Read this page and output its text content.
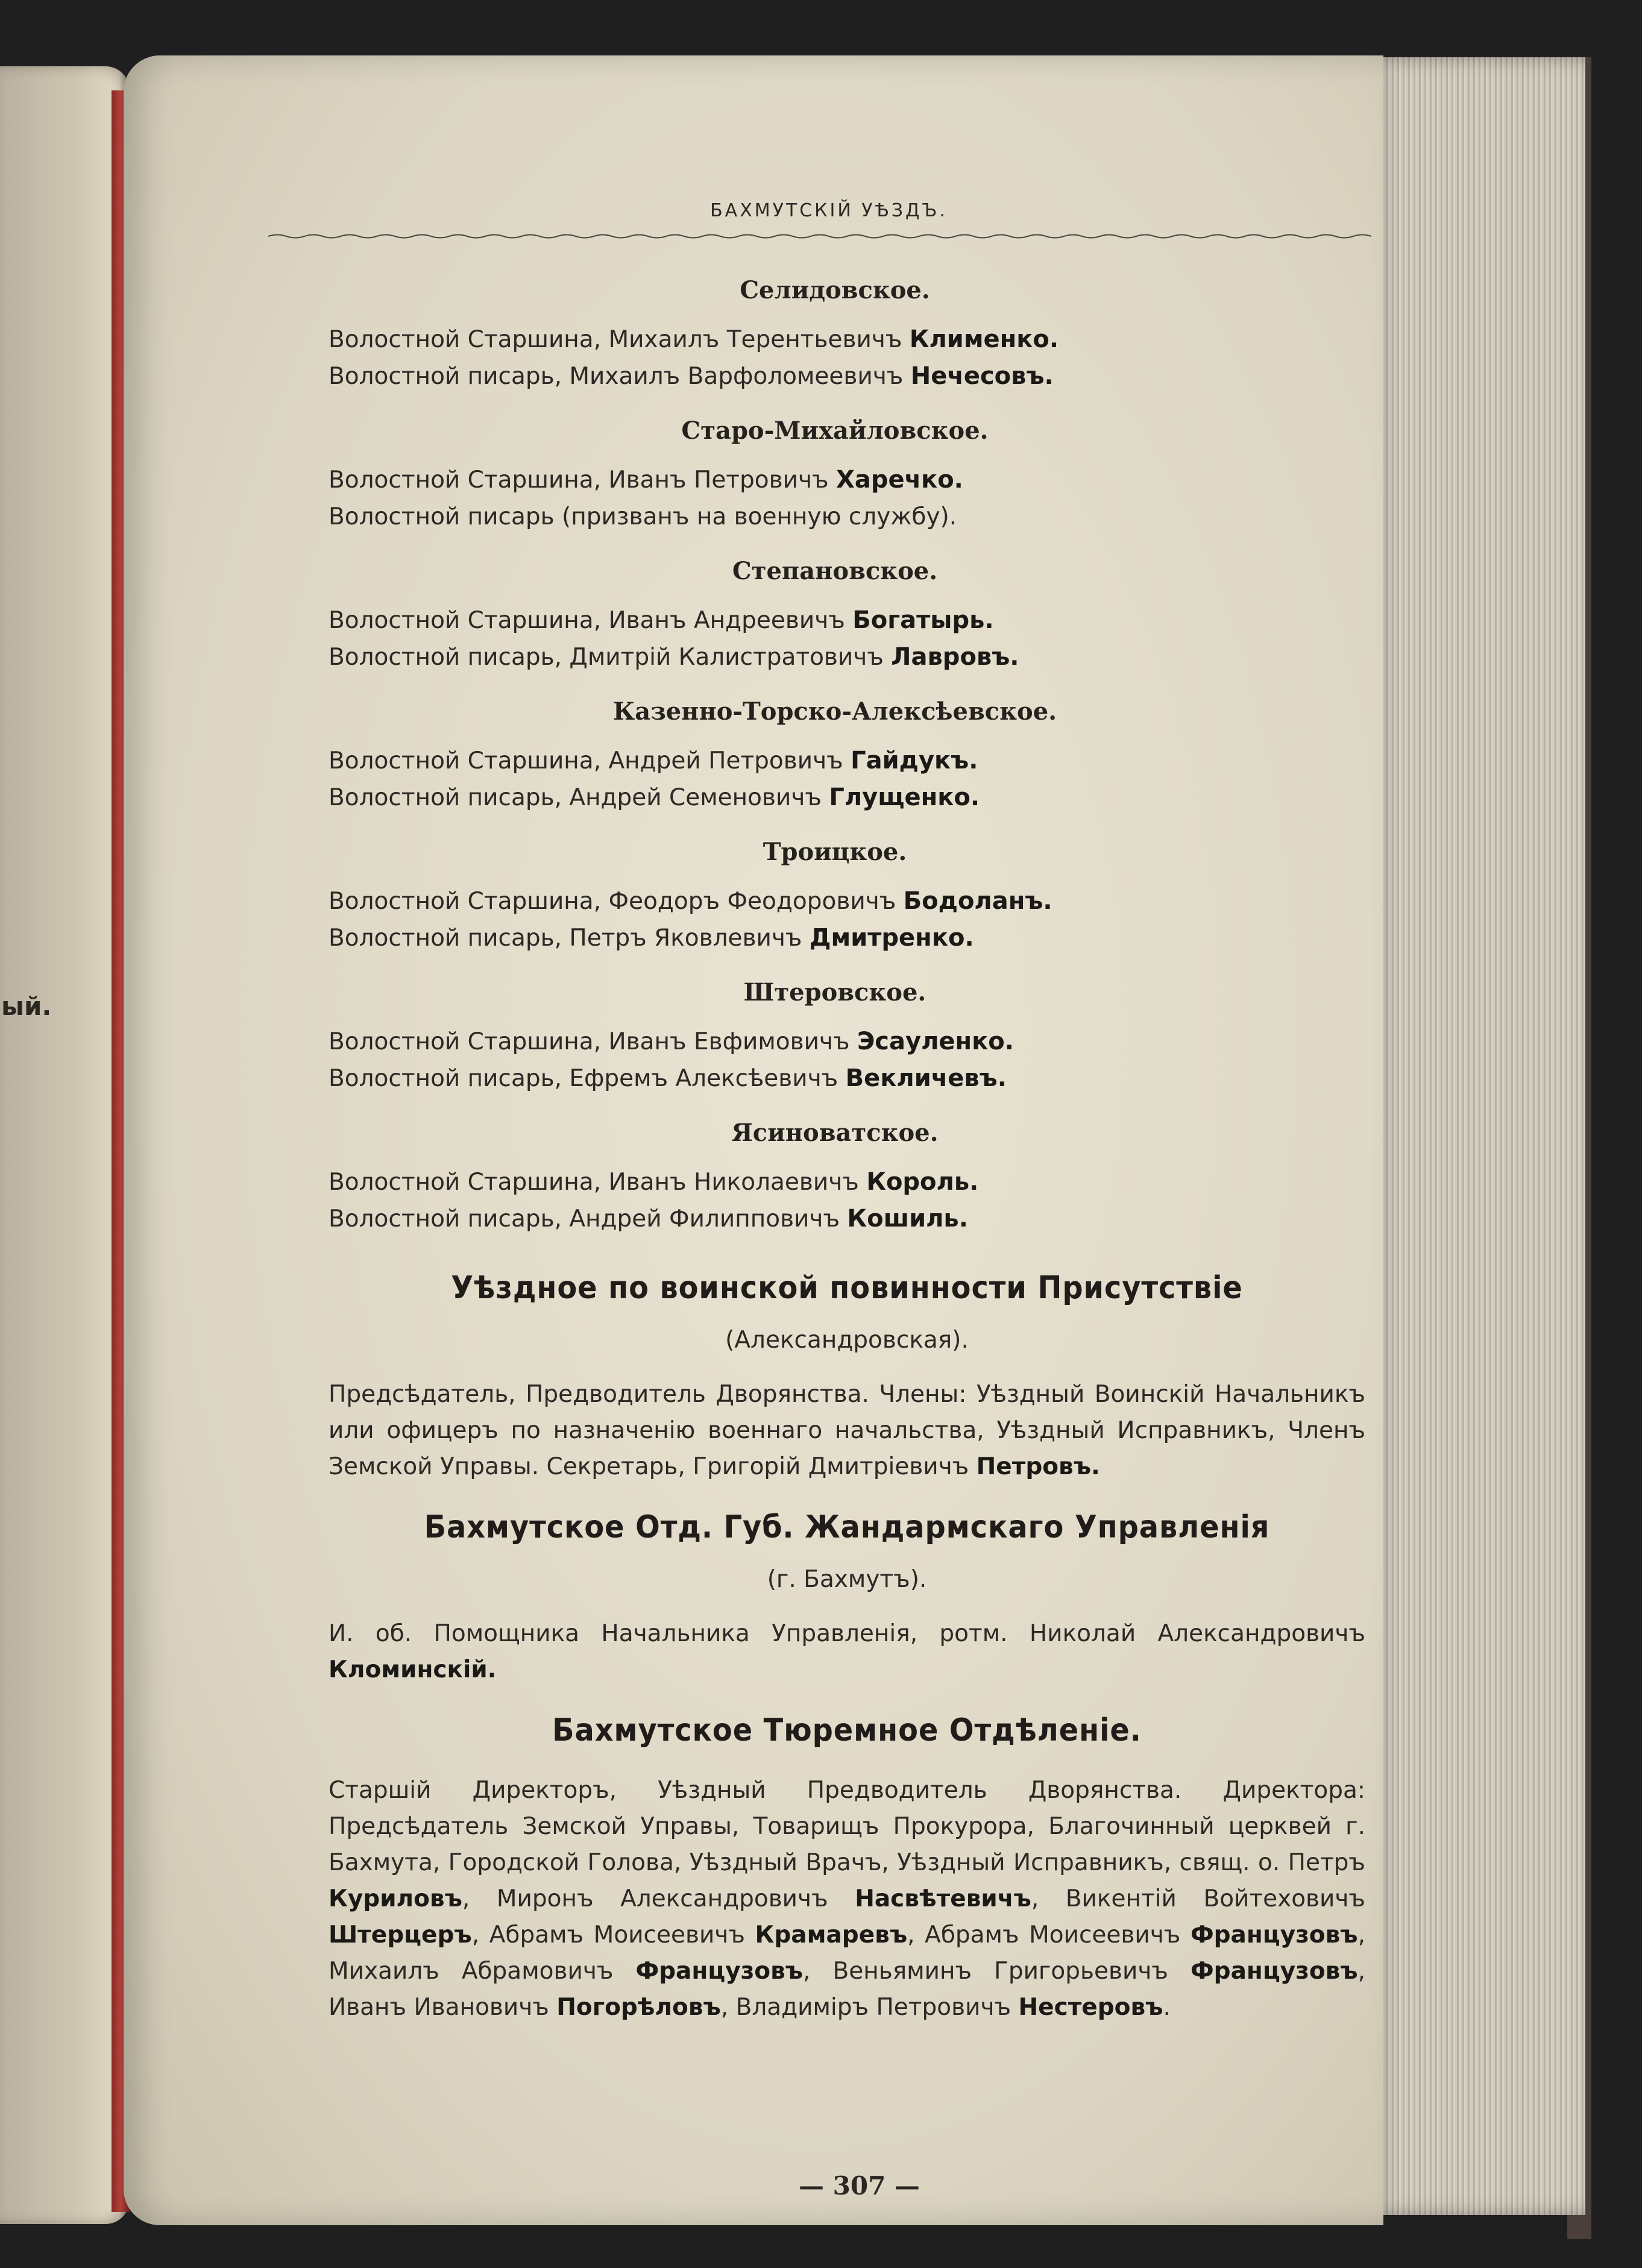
ый.
БАХМУТСКІЙ УѢЗДЪ.
Селидовское.
Волостной Старшина, Михаилъ Терентьевичъ Клименко.
Волостной писарь, Михаилъ Варфоломеевичъ Нечесовъ.
Старо-Михайловское.
Волостной Старшина, Иванъ Петровичъ Харечко.
Волостной писарь (призванъ на военную службу).
Степановское.
Волостной Старшина, Иванъ Андреевичъ Богатырь.
Волостной писарь, Дмитрій Калистратовичъ Лавровъ.
Казенно-Торско-Алексѣевское.
Волостной Старшина, Андрей Петровичъ Гайдукъ.
Волостной писарь, Андрей Семеновичъ Глущенко.
Троицкое.
Волостной Старшина, Феодоръ Феодоровичъ Бодоланъ.
Волостной писарь, Петръ Яковлевичъ Дмитренко.
Штеровское.
Волостной Старшина, Иванъ Евфимовичъ Эсауленко.
Волостной писарь, Ефремъ Алексѣевичъ Векличевъ.
Ясиноватское.
Волостной Старшина, Иванъ Николаевичъ Король.
Волостной писарь, Андрей Филипповичъ Кошиль.
Уѣздное по воинской повинности Присутствіе
(Александровская).
Предсѣдатель, Предводитель Дворянства. Члены: Уѣздный Воинскій Начальникъ или офицеръ по назначенію военнаго начальства, Уѣздный Исправникъ, Членъ Земской Управы. Секретарь, Григорій Дмитріевичъ Петровъ.
Бахмутское Отд. Губ. Жандармскаго Управленія
(г. Бахмутъ).
И. об. Помощника Начальника Управленія, ротм. Николай Александровичъ Кломинскій.
Бахмутское Тюремное Отдѣленіе.
Старшій Директоръ, Уѣздный Предводитель Дворянства. Директора: Предсѣдатель Земской Управы, Товарищъ Прокурора, Благочинный церквей г. Бахмута, Городской Голова, Уѣздный Врачъ, Уѣздный Исправникъ, свящ. о. Петръ Куриловъ, Миронъ Александровичъ Насвѣтевичъ, Викентій Войтеховичъ Штерцеръ, Абрамъ Моисеевичъ Крамаревъ, Абрамъ Моисеевичъ Французовъ, Михаилъ Абрамовичъ Французовъ, Веньяминъ Григорьевичъ Французовъ, Иванъ Ивановичъ Погорѣловъ, Владиміръ Петровичъ Нестеровъ.
— 307 —
